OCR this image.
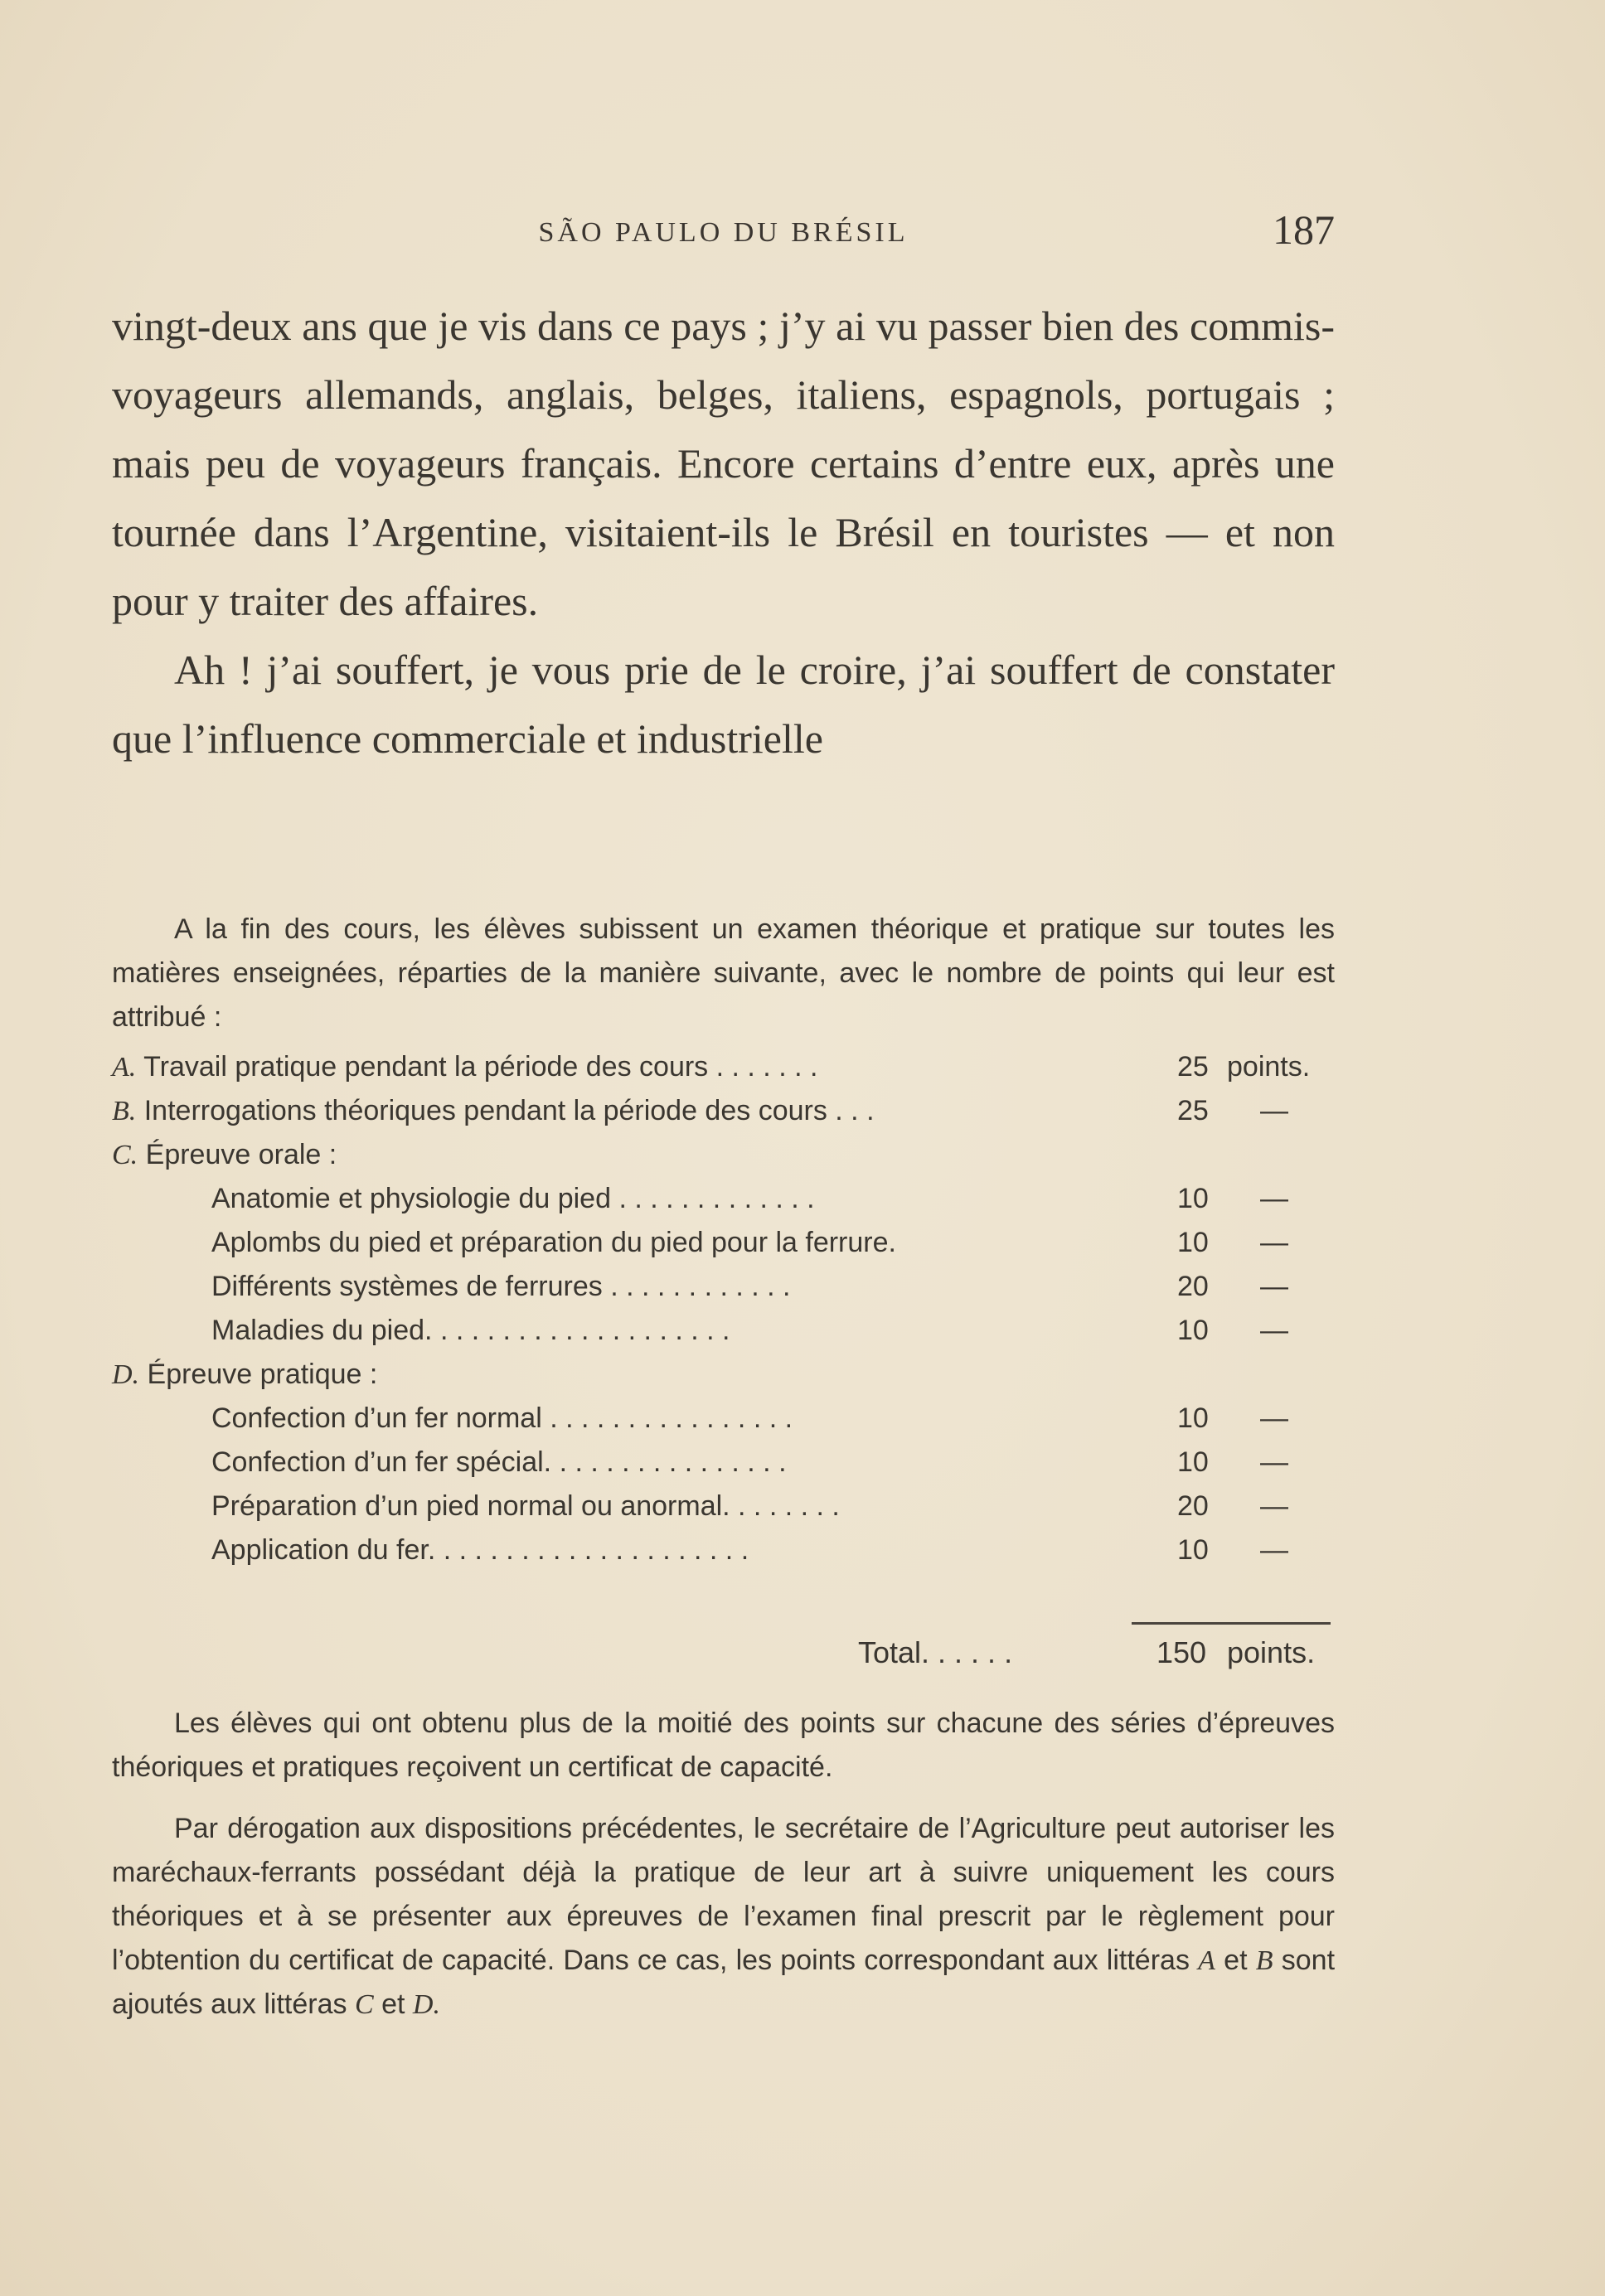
SÃO PAULO DU BRÉSIL	187

vingt-deux ans que je vis dans ce pays ; j’y ai vu passer bien des commis-voyageurs allemands, anglais, belges, italiens, espagnols, portugais ; mais peu de voyageurs français. Encore certains d’entre eux, après une tournée dans l’Argentine, visitaient-ils le Brésil en touristes — et non pour y traiter des affaires.

Ah ! j’ai souffert, je vous prie de le croire, j’ai souffert de constater que l’influence commerciale et industrielle

A la fin des cours, les élèves subissent un examen théorique et pratique sur toutes les matières enseignées, réparties de la manière suivante, avec le nombre de points qui leur est attribué :

A. Travail pratique pendant la période des cours . . . . . . .	25 points.
B. Interrogations théoriques pendant la période des cours . . .	25	—
C. Épreuve orale :
Anatomie et physiologie du pied . . . . . . . . . . . . .	10	—
Aplombs du pied et préparation du pied pour la ferrure.	10	—
Différents systèmes de ferrures . . . . . . . . . . . .	20	—
Maladies du pied. . . . . . . . . . . . . . . . . . . .	10	—
D. Épreuve pratique :
Confection d’un fer normal . . . . . . . . . . . . . . . .	10	—
Confection d’un fer spécial. . . . . . . . . . . . . . . .	10	—
Préparation d’un pied normal ou anormal. . . . . . . .	20	—
Application du fer. . . . . . . . . . . . . . . . . . . . .	10	—
Total. . . . . .	150 points.

Les élèves qui ont obtenu plus de la moitié des points sur chacune des séries d’épreuves théoriques et pratiques reçoivent un certificat de capacité.

Par dérogation aux dispositions précédentes, le secrétaire de l’Agriculture peut autoriser les maréchaux-ferrants possédant déjà la pratique de leur art à suivre uniquement les cours théoriques et à se présenter aux épreuves de l’examen final prescrit par le règlement pour l’obtention du certificat de capacité. Dans ce cas, les points correspondant aux littéras A et B sont ajoutés aux littéras C et D.
